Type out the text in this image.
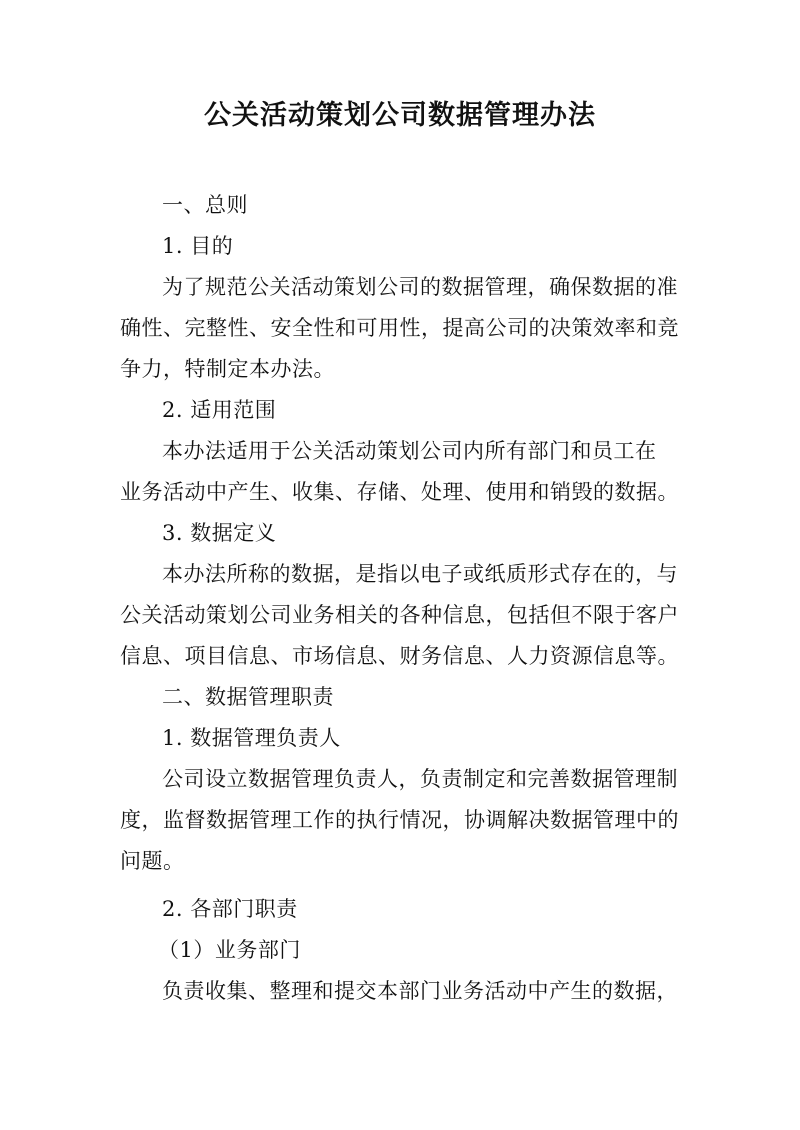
公关活动策划公司数据管理办法
一、总则
1. 目的
为了规范公关活动策划公司的数据管理，确保数据的准
确性、完整性、安全性和可用性，提高公司的决策效率和竞
争力，特制定本办法。
2. 适用范围
本办法适用于公关活动策划公司内所有部门和员工在
业务活动中产生、收集、存储、处理、使用和销毁的数据。
3. 数据定义
本办法所称的数据，是指以电子或纸质形式存在的，与
公关活动策划公司业务相关的各种信息，包括但不限于客户
信息、项目信息、市场信息、财务信息、人力资源信息等。
二、数据管理职责
1. 数据管理负责人
公司设立数据管理负责人，负责制定和完善数据管理制
度，监督数据管理工作的执行情况，协调解决数据管理中的
问题。
2. 各部门职责
（1）业务部门
负责收集、整理和提交本部门业务活动中产生的数据，
